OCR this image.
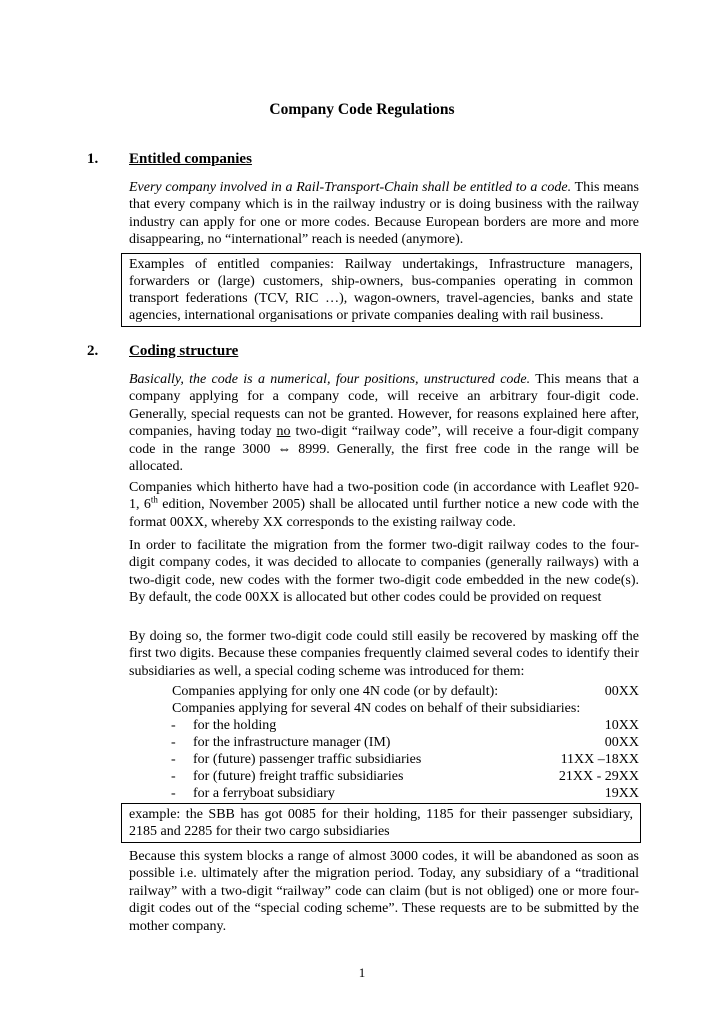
Company Code Regulations
1. Entitled companies

Every company involved in a Rail-Transport-Chain shall be entitled to a code. This means that every company which is in the railway industry or is doing business with the railway industry can apply for one or more codes. Because European borders are more and more disappearing, no “international” reach is needed (anymore).

Examples of entitled companies: Railway undertakings, Infrastructure managers, forwarders or (large) customers, ship-owners, bus-companies operating in common transport federations (TCV, RIC …), wagon-owners, travel-agencies, banks and state agencies, international organisations or private companies dealing with rail business.
2. Coding structure

Basically, the code is a numerical, four positions, unstructured code. This means that a company applying for a company code, will receive an arbitrary four-digit code. Generally, special requests can not be granted. However, for reasons explained here after, companies, having today no two-digit “railway code”, will receive a four-digit company code in the range 3000 ⇔ 8999. Generally, the first free code in the range will be allocated.

Companies which hitherto have had a two-position code (in accordance with Leaflet 920- 1, 6th edition, November 2005) shall be allocated until further notice a new code with the format 00XX, whereby XX corresponds to the existing railway code.

In order to facilitate the migration from the former two-digit railway codes to the four-digit company codes, it was decided to allocate to companies (generally railways) with a two-digit code, new codes with the former two-digit code embedded in the new code(s). By default, the code 00XX is allocated but other codes could be provided on request

By doing so, the former two-digit code could still easily be recovered by masking off the first two digits. Because these companies frequently claimed several codes to identify their subsidiaries as well, a special coding scheme was introduced for them:

Companies applying for only one 4N code (or by default):	00XX
Companies applying for several 4N codes on behalf of their subsidiaries:
- for the holding	10XX
- for the infrastructure manager (IM)	00XX
- for (future) passenger traffic subsidiaries	11XX –18XX
- for (future) freight traffic subsidiaries	21XX - 29XX
- for a ferryboat subsidiary	19XX
example: the SBB has got 0085 for their holding, 1185 for their passenger subsidiary, 2185 and 2285 for their two cargo subsidiaries

Because this system blocks a range of almost 3000 codes, it will be abandoned as soon as possible i.e. ultimately after the migration period. Today, any subsidiary of a “traditional railway” with a two-digit “railway” code can claim (but is not obliged) one or more four-digit codes out of the “special coding scheme”. These requests are to be submitted by the mother company.

1
